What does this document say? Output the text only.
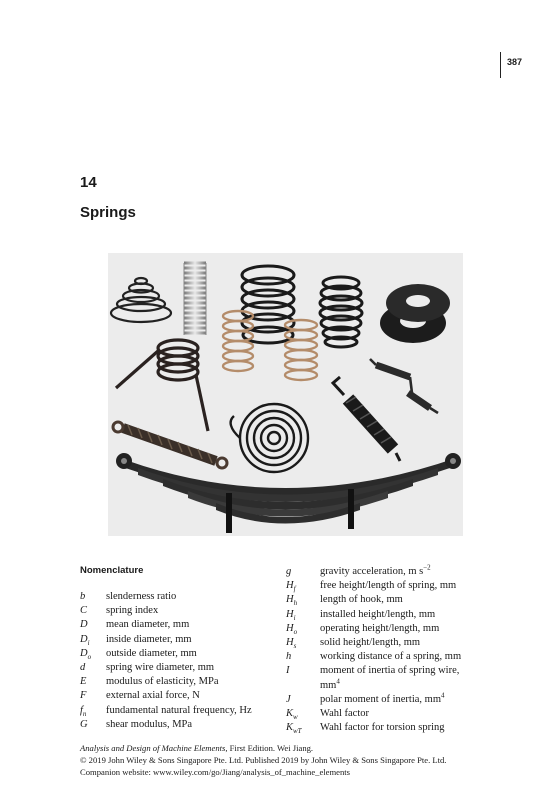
387
14
Springs
Nomenclature
b slenderness ratio
C spring index
D mean diameter, mm
$D_i$ inside diameter, mm
$D_o$ outside diameter, mm
d spring wire diameter, mm
E modulus of elasticity, MPa
F external axial force, N
$f_n$ fundamental natural frequency, Hz
G shear modulus, MPa
g	gravity acceleration, m $s^{-2}$
$H_f$ free height/length of spring, mm
$H_h$ length of hook, mm
$H_i$ installed height/length, mm
$H_o$ operating height/length, mm
$H_s$ solid height/length, mm
h	working distance of a spring, mm
I	moment of inertia of spring wire,
$mm^4$
J	polar moment of inertia, $mm^4$
$K_w$ Wahl factor
$K_{wT}$ Wahl factor for torsion spring
Analysis and Design of Machine Elements, First Edition. Wei Jiang.
© 2019 John Wiley & Sons Singapore Pte. Ltd. Published 2019 by John Wiley & Sons Singapore Pte. Ltd.
Companion website: www.wiley.com/go/Jiang/analysis_of_machine_elements
